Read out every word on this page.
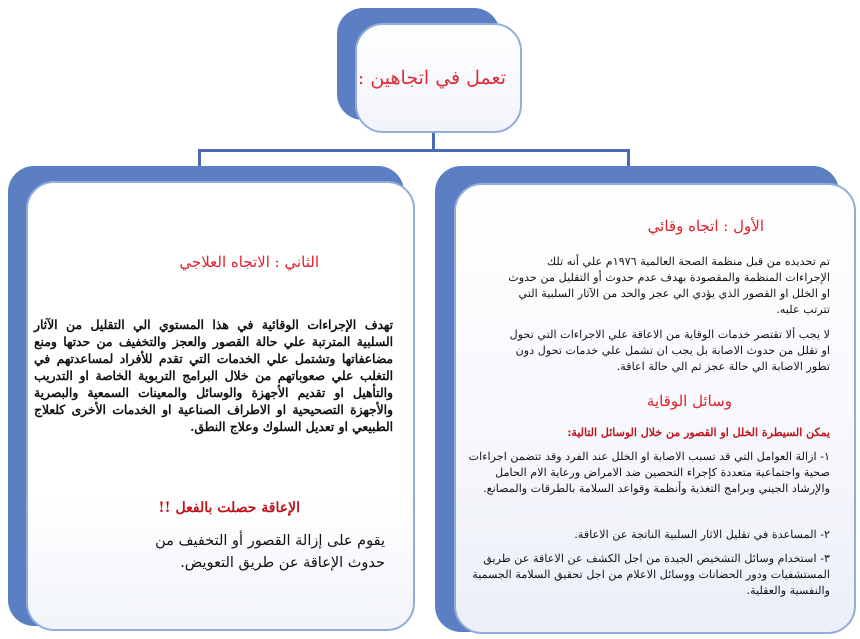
تعمل في اتجاهين :
الثاني : الاتجاه العلاجي
تهدف الإجراءات الوقائية في هذا المستوي الي التقليل من الآثار السلبية المترتبة علي حالة القصور والعجز والتخفيف من حدتها ومنع مضاعفاتها وتشتمل علي الخدمات التي تقدم للأفراد لمساعدتهم في التغلب علي صعوباتهم من خلال البرامج التربوية الخاصة او التدريب والتأهيل او تقديم الأجهزة والوسائل والمعينات السمعية والبصرية والأجهزة التصحيحية او الاطراف الصناعية او الخدمات الأخرى كلعلاج الطبيعي او تعديل السلوك وعلاج النطق.
الإعاقة حصلت بالفعل !!
يقوم على إزالة القصور أو التخفيف من حدوث الإعاقة عن طريق التعويض.
الأول : اتجاه وقائي
تم تحديده من قبل منظمة الصحة العالمية ١٩٧٦م علي أنه تلك الإجراءات المنظمة والمقصودة بهدف عدم حدوث أو التقليل من حدوث او الخلل او القصور الذي يؤدي الي عجز والحد من الآثار السلبية التي تترتب عليه.
لا يجب ألا تقتصر خدمات الوقاية من الاعاقة علي الاجراءات التي تحول او تقلل من حدوث الاصابة بل يجب ان تشمل علي خدمات تحول دون تطور الاصابة الي حالة عجز ثم الي حالة اعاقة.
وسائل الوقاية
يمكن السيطرة الخلل او القصور من خلال الوسائل التالية:
١- ازالة العوامل التي قد تسبب الاصابة او الخلل عند الفرد وقد تتضمن اجراءات صحية واجتماعية متعددة كإجراء التحصين ضد الامراض ورعاية الام الحامل والإرشاد الجيني وبرامج التغذية وأنظمة وقواعد السلامة بالطرقات والمصانع.
٢- المساعدة في تقليل الاثار السلبية الناتجة عن الاعاقة.
٣- استخدام وسائل التشخيص الجيدة من اجل الكشف عن الاعاقة عن طريق المستشفيات ودور الحضانات ووسائل الاعلام من اجل تحقيق السلامة الجسمية والنفسية والعقلية.
